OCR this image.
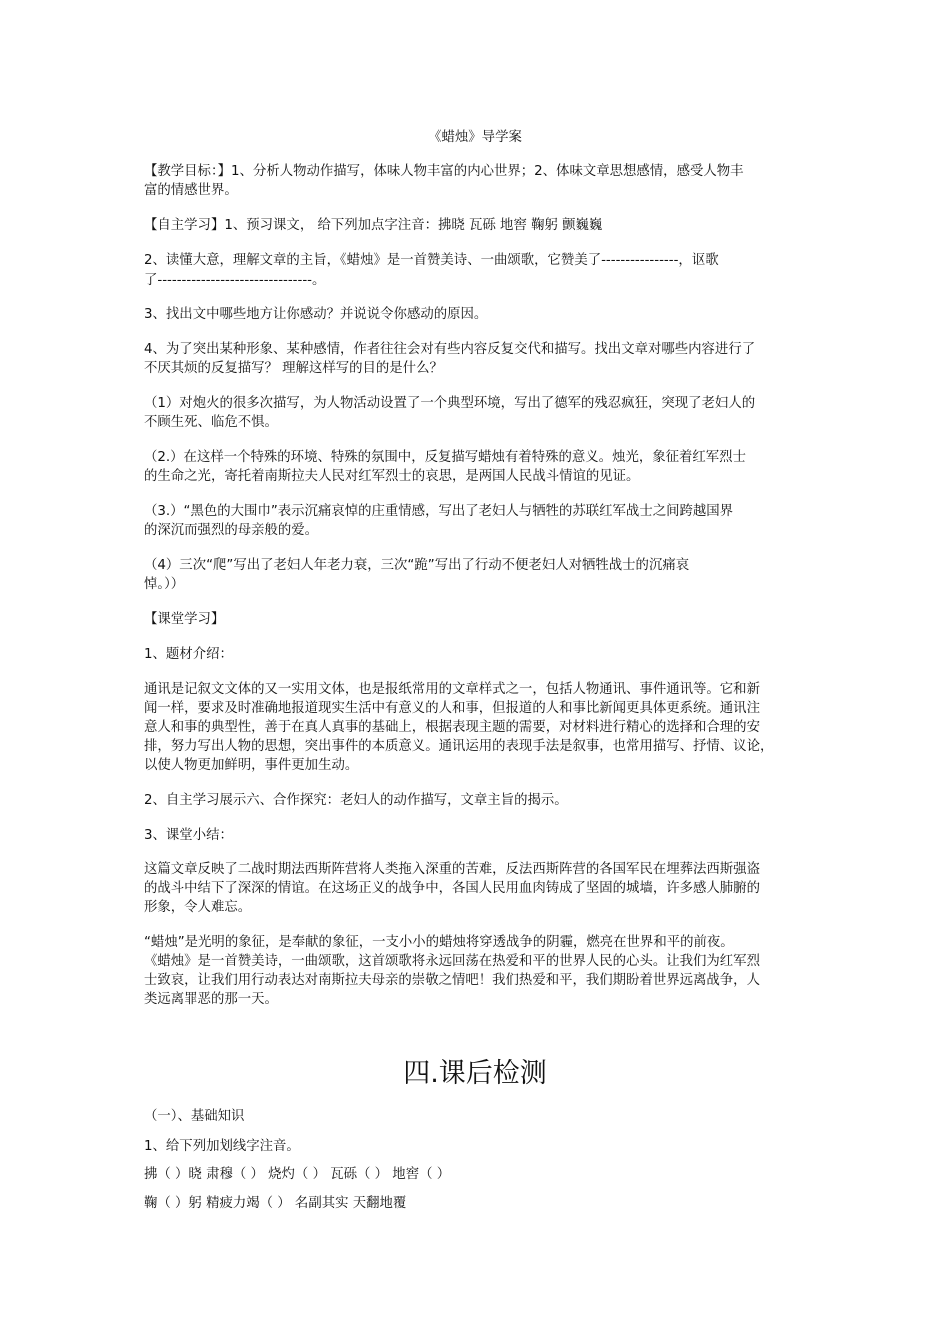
《蜡烛》导学案
【教学目标：】1、分析人物动作描写，体味人物丰富的内心世界；2、体味文章思想感情，感受人物丰
富的情感世界。
【自主学习】1、预习课文， 给下列加点字注音：拂晓 瓦砾 地窖 鞠躬 颤巍巍
2、读懂大意，理解文章的主旨，《蜡烛》是一首赞美诗、一曲颂歌，它赞美了----------------，讴歌
了--------------------------------。
3、找出文中哪些地方让你感动？并说说令你感动的原因。
4、为了突出某种形象、某种感情，作者往往会对有些内容反复交代和描写。找出文章对哪些内容进行了
不厌其烦的反复描写？ 理解这样写的目的是什么？
（1）对炮火的很多次描写，为人物活动设置了一个典型环境，写出了德军的残忍疯狂，突现了老妇人的
不顾生死、临危不惧。
（2.）在这样一个特殊的环境、特殊的氛围中，反复描写蜡烛有着特殊的意义。烛光，象征着红军烈士
的生命之光，寄托着南斯拉夫人民对红军烈士的哀思，是两国人民战斗情谊的见证。
（3.）“黑色的大围巾”表示沉痛哀悼的庄重情感，写出了老妇人与牺牲的苏联红军战士之间跨越国界
的深沉而强烈的母亲般的爱。
（4）三次“爬”写出了老妇人年老力衰，三次“跪”写出了行动不便老妇人对牺牲战士的沉痛哀
悼。））
【课堂学习】
1、题材介绍：
通讯是记叙文文体的又一实用文体，也是报纸常用的文章样式之一，包括人物通讯、事件通讯等。它和新
闻一样，要求及时准确地报道现实生活中有意义的人和事，但报道的人和事比新闻更具体更系统。通讯注
意人和事的典型性，善于在真人真事的基础上，根据表现主题的需要，对材料进行精心的选择和合理的安
排，努力写出人物的思想，突出事件的本质意义。通讯运用的表现手法是叙事，也常用描写、抒情、议论，
以使人物更加鲜明，事件更加生动。
2、自主学习展示六、合作探究：老妇人的动作描写，文章主旨的揭示。
3、课堂小结：
这篇文章反映了二战时期法西斯阵营将人类拖入深重的苦难，反法西斯阵营的各国军民在埋葬法西斯强盗
的战斗中结下了深深的情谊。在这场正义的战争中，各国人民用血肉铸成了坚固的城墙，许多感人肺腑的
形象，令人难忘。
“蜡烛”是光明的象征，是奉献的象征，一支小小的蜡烛将穿透战争的阴霾，燃亮在世界和平的前夜。
《蜡烛》是一首赞美诗，一曲颂歌，这首颂歌将永远回荡在热爱和平的世界人民的心头。让我们为红军烈
士致哀，让我们用行动表达对南斯拉夫母亲的崇敬之情吧！我们热爱和平，我们期盼着世界远离战争，人
类远离罪恶的那一天。
四.课后检测
（一）、基础知识
1、给下列加划线字注音。
拂（ ）晓 肃穆（ ） 烧灼（ ） 瓦砾（ ） 地窖（ ）
鞠（ ）躬 精疲力竭（ ） 名副其实 天翻地覆
